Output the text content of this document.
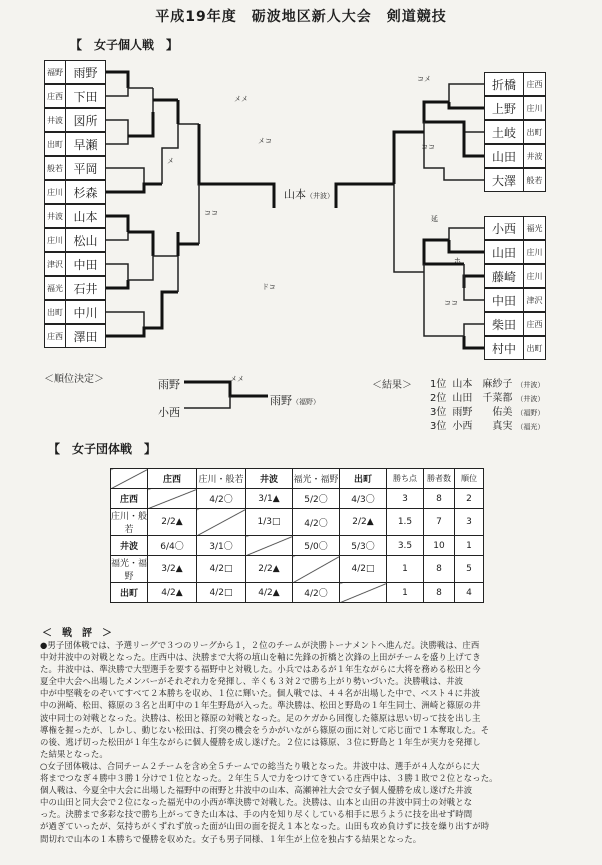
平成19年度　砺波地区新人大会　剣道競技
【　女子個人戦　】
福野 雨野
庄西 下田
井波 図所
出町 早瀬
般若 平岡
庄川 杉森
井波 山本
庄川 松山
津沢 中田
福光 石井
出町 中川
庄西 澤田
折橋	庄西
上野	庄川
土岐	出町
山田	井波
大澤	般若
小西	福光
山田	庄川
藤崎	庄川
中田	津沢
柴田	庄西
村中	出町
メメ
メコ
メ
ココ
ドコ
コメ
ココ
延
ホ
ココ
山本（井波）
＜順位決定＞	雨野
小西
メメ
雨野（福野）
＜結果＞ 1位 山本　麻紗子 （井波）
2位 山田　千菜都 （井波）
3位 雨野　　佑美 （福野）
3位 小西　　真実 （福光）
【　女子団体戦　】
	庄西	庄川・般若	井波	福光・福野	出町	勝ち点	勝者数	順位
庄西		4/2〇	3/1▲	5/2〇	4/3〇	3	8	2
庄川・般若	2/2▲		1/3□	4/2〇	2/2▲	1.5	7	3
井波	6/4〇	3/1〇		5/0〇	5/3〇	3.5	10	1
福光・福野	3/2▲	4/2□	2/2▲		4/2□	1	8	5
出町	4/2▲	4/2□	4/2▲	4/2〇		1	8	4
＜　戦　評　＞
●男子団体戦では、予選リーグで３つのリーグから１，２位のチームが決勝トーナメントへ進んだ。決勝戦は、庄西
中対井波中の対戦となった。庄西中は、決勝まで大将の埴山を軸に先鋒の折橋と次鋒の上田がチームを盛り上げてき
た。井波中は、準決勝で大型選手を要する福野中と対戦した。小兵ではあるが１年生ながらに大将を務める松田と今
夏全中大会へ出場したメンバーがそれぞれ力を発揮し、辛くも３対２で勝ち上がり勢いづいた。決勝戦は、井波
中が中堅戦をのぞいてすべて２本勝ちを収め、１位に輝いた。個人戦では、４４名が出場した中で、ベスト４に井波
中の洲崎、松田、篠原の３名と出町中の１年生野島が入った。準決勝は、松田と野島の１年生同士、洲崎と篠原の井
波中同士の対戦となった。決勝は、松田と篠原の対戦となった。足のケガから回復した篠原は思い切って技を出し主
導権を握ったが、しかし、動じない松田は、打突の機会をうかがいながら篠原の面に対して応じ面で１本奪取した。そ
の後、逃げ切った松田が１年生ながらに個人優勝を成し遂げた。２位には篠原、３位に野島と１年生が実力を発揮し
た結果となった。
○女子団体戦は、合同チーム２チームを含め全５チームでの総当たり戦となった。井波中は、選手が４人ながらに大
将までつなぎ４勝中３勝１分けで１位となった。２年生５人で力をつけてきている庄西中は、３勝１敗で２位となった。
個人戦は、今夏全中大会に出場した福野中の雨野と井波中の山本、高瀬神社大会で女子個人優勝を成し遂げた井波
中の山田と同大会で２位になった福光中の小西が準決勝で対戦した。決勝は、山本と山田の井波中同士の対戦とな
った。決勝まで多彩な技で勝ち上がってきた山本は、手の内を知り尽くしている相手に思うように技を出せず時間
が過ぎていったが、気持ちがくずれず放った面が山田の面を捉え１本となった。山田も攻め負けずに技を繰り出すが時
間切れで山本の１本勝ちで優勝を収めた。女子も男子同様、１年生が上位を独占する結果となった。
